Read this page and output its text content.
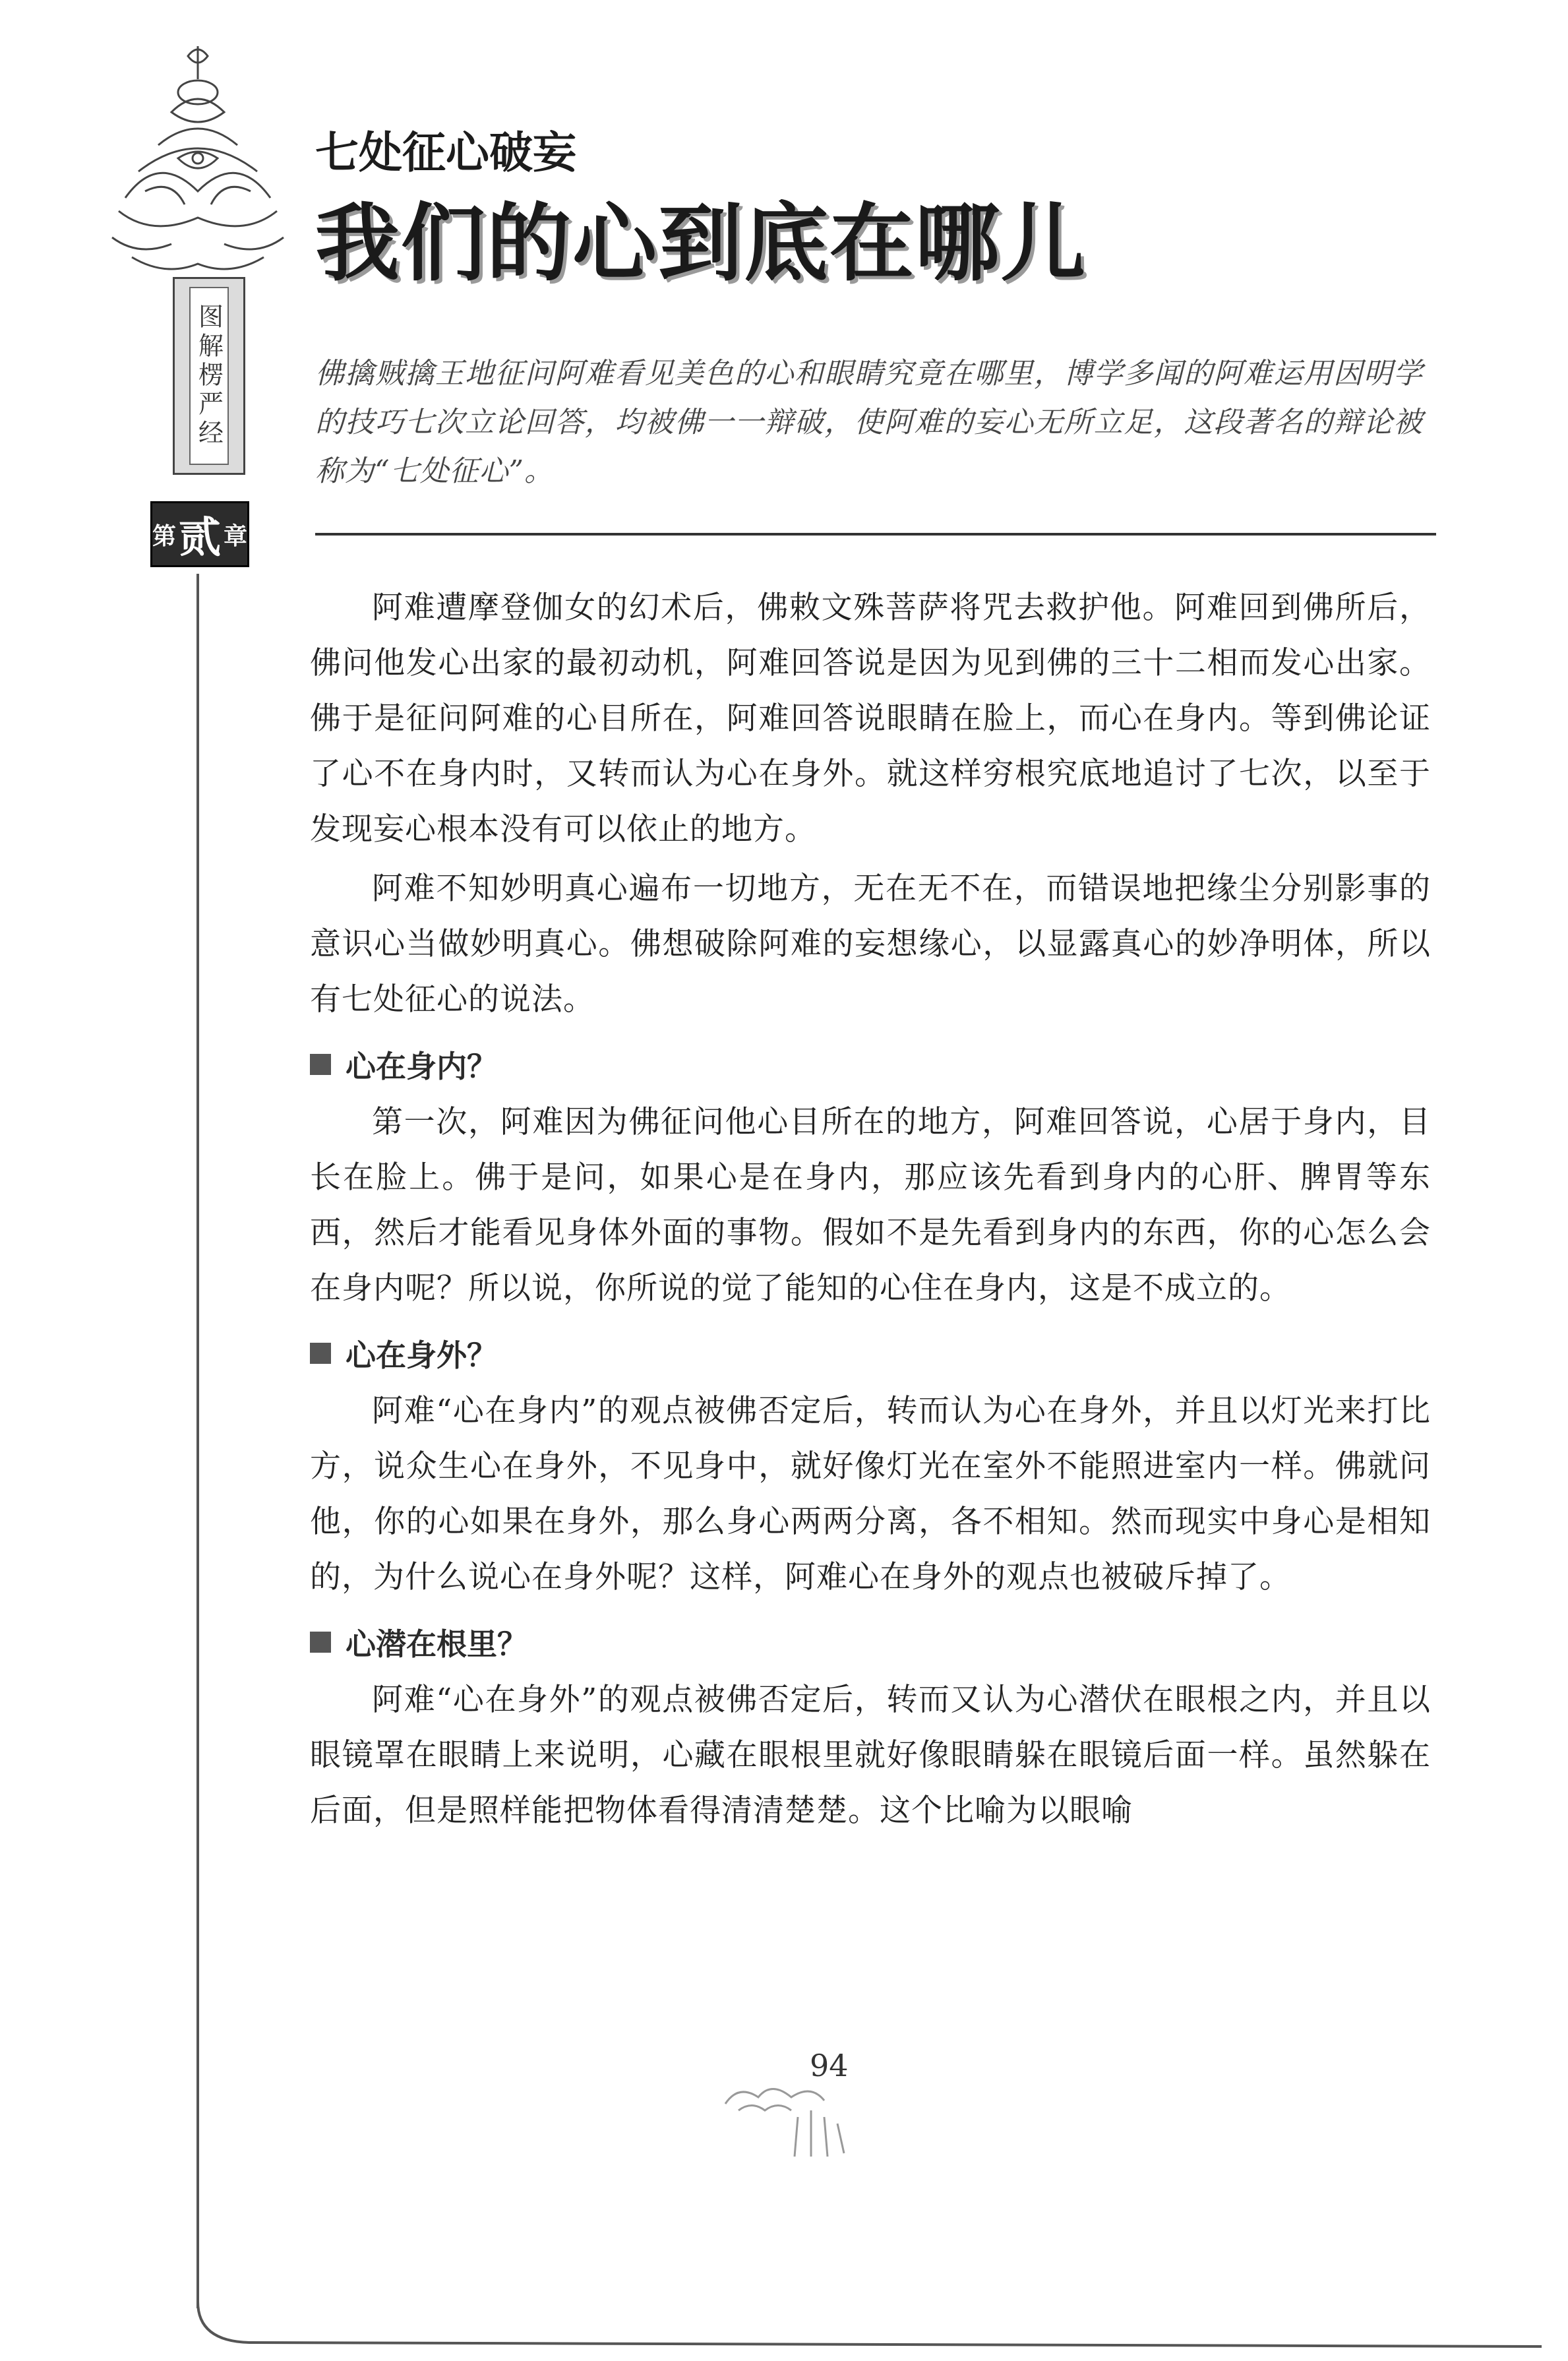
图解楞严经
第 贰 章
七处征心破妄
我们的心到底在哪儿
佛擒贼擒王地征问阿难看见美色的心和眼睛究竟在哪里，博学多闻的阿难运用因明学的技巧七次立论回答，均被佛一一辩破，使阿难的妄心无所立足，这段著名的辩论被称为“七处征心”。

阿难遭摩登伽女的幻术后，佛敕文殊菩萨将咒去救护他。阿难回到佛所后，佛问他发心出家的最初动机，阿难回答说是因为见到佛的三十二相而发心出家。佛于是征问阿难的心目所在，阿难回答说眼睛在脸上，而心在身内。等到佛论证了心不在身内时，又转而认为心在身外。就这样穷根究底地追讨了七次，以至于发现妄心根本没有可以依止的地方。

阿难不知妙明真心遍布一切地方，无在无不在，而错误地把缘尘分别影事的意识心当做妙明真心。佛想破除阿难的妄想缘心，以显露真心的妙净明体，所以有七处征心的说法。

心在身内？

第一次，阿难因为佛征问他心目所在的地方，阿难回答说，心居于身内，目长在脸上。佛于是问，如果心是在身内，那应该先看到身内的心肝、脾胃等东西，然后才能看见身体外面的事物。假如不是先看到身内的东西，你的心怎么会在身内呢？所以说，你所说的觉了能知的心住在身内，这是不成立的。

心在身外？

阿难“心在身内”的观点被佛否定后，转而认为心在身外，并且以灯光来打比方，说众生心在身外，不见身中，就好像灯光在室外不能照进室内一样。佛就问他，你的心如果在身外，那么身心两两分离，各不相知。然而现实中身心是相知的，为什么说心在身外呢？这样，阿难心在身外的观点也被破斥掉了。

心潜在根里？

阿难“心在身外”的观点被佛否定后，转而又认为心潜伏在眼根之内，并且以眼镜罩在眼睛上来说明，心藏在眼根里就好像眼睛躲在眼镜后面一样。虽然躲在后面，但是照样能把物体看得清清楚楚。这个比喻为以眼喻

94
